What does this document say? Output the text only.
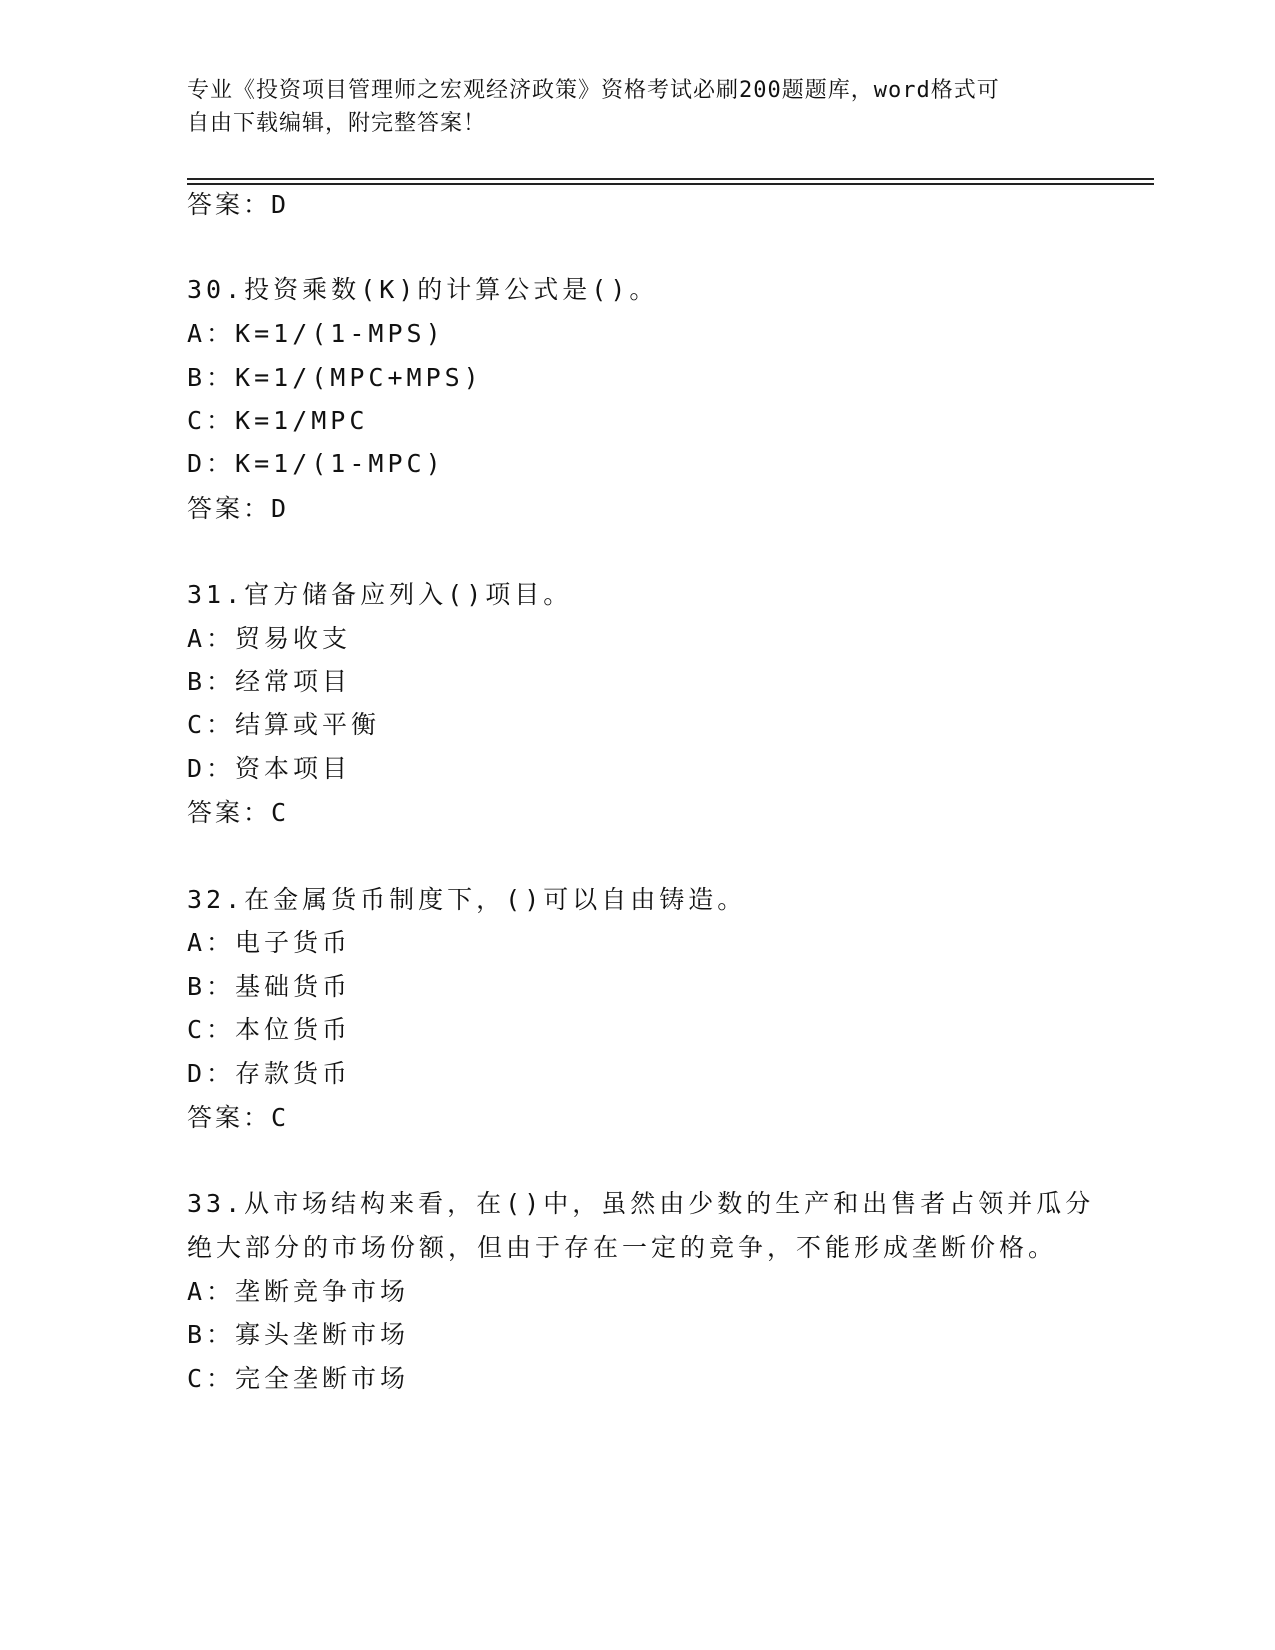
专业《投资项目管理师之宏观经济政策》资格考试必刷200题题库，word格式可
自由下载编辑，附完整答案！
答案：D
30.投资乘数(K)的计算公式是()。
A：K=1/(1-MPS)
B：K=1/(MPC+MPS)
C：K=1/MPC
D：K=1/(1-MPC)
答案：D
31.官方储备应列入()项目。
A：贸易收支
B：经常项目
C：结算或平衡
D：资本项目
答案：C
32.在金属货币制度下，()可以自由铸造。
A：电子货币
B：基础货币
C：本位货币
D：存款货币
答案：C
33.从市场结构来看，在()中，虽然由少数的生产和出售者占领并瓜分
绝大部分的市场份额，但由于存在一定的竞争，不能形成垄断价格。
A：垄断竞争市场
B：寡头垄断市场
C：完全垄断市场
